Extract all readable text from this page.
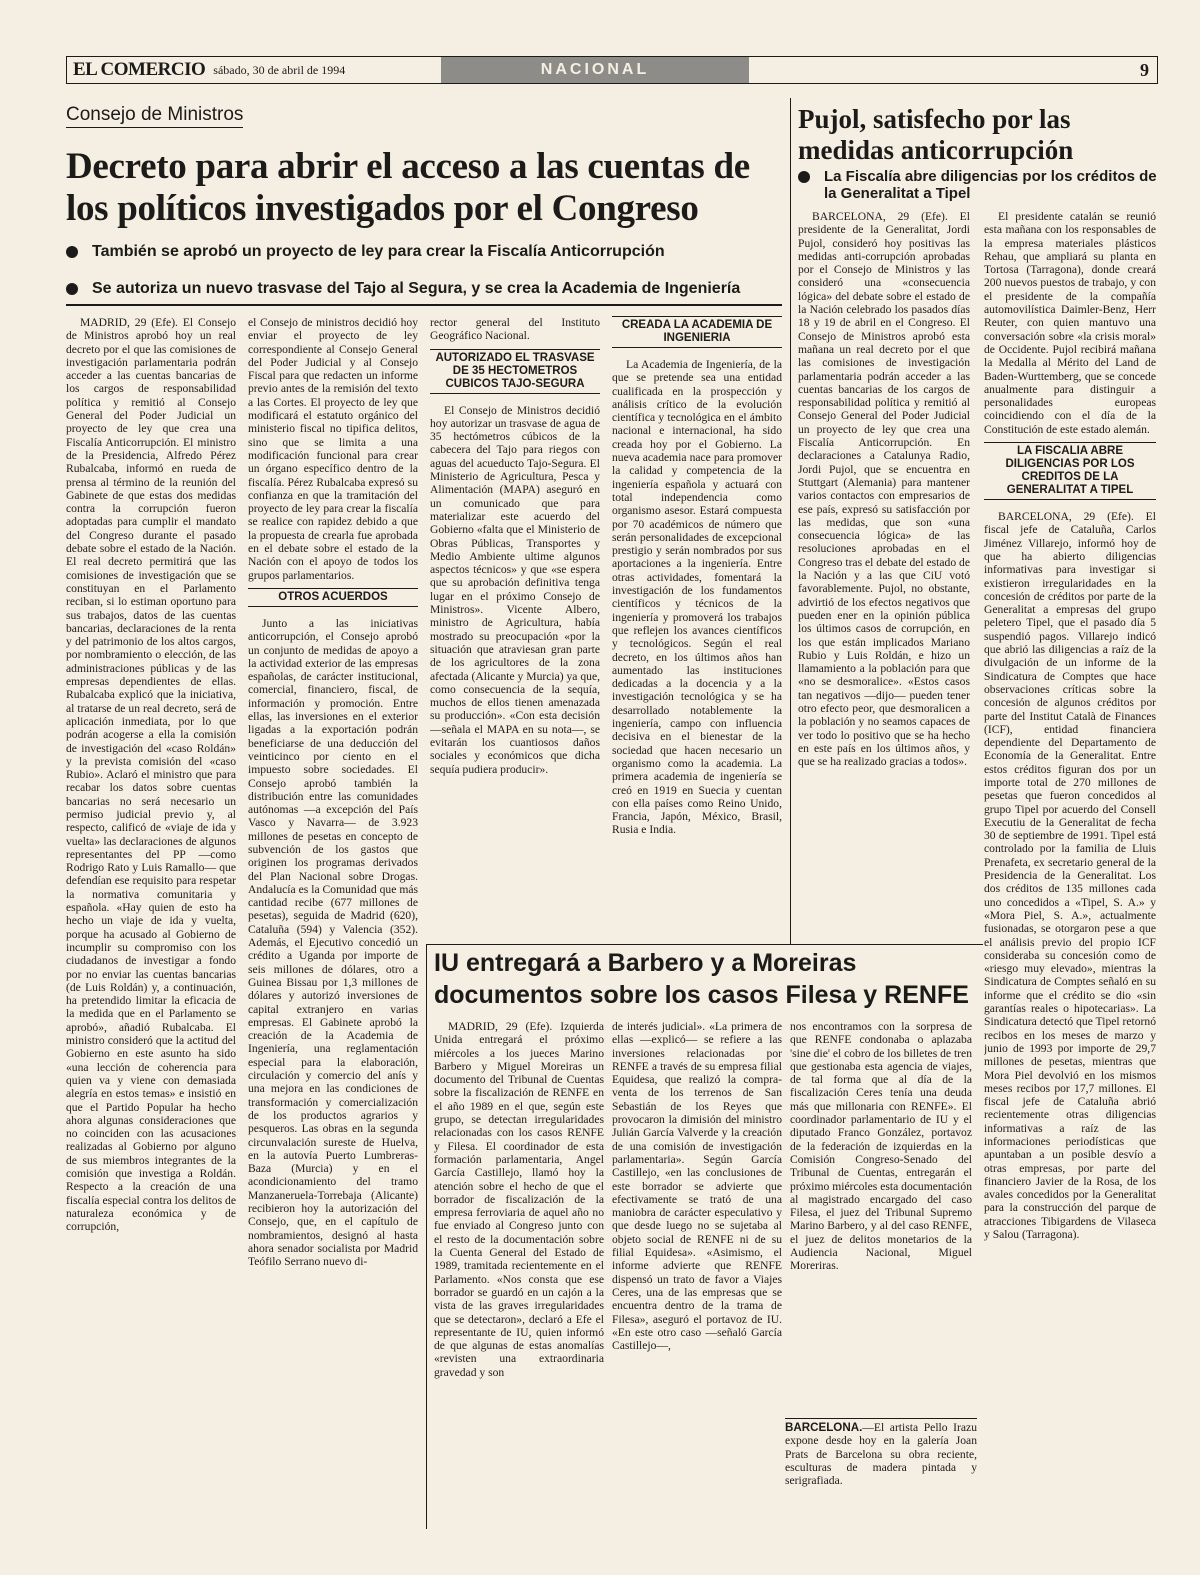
EL COMERCIO sábado, 30 de abril de 1994	NACIONAL	9
Consejo de Ministros
Decreto para abrir el acceso a las cuentas de los políticos investigados por el Congreso
También se aprobó un proyecto de ley para crear la Fiscalía Anticorrupción
Se autoriza un nuevo trasvase del Tajo al Segura, y se crea la Academia de Ingeniería

MADRID, 29 (Efe). El Consejo de Ministros aprobó hoy un real decreto por el que las comisiones de investigación parlamentaria podrán acceder a las cuentas bancarias de los cargos de responsabilidad política y remitió al Consejo General del Poder Judicial un proyecto de ley que crea una Fiscalía Anticorrupción. El ministro de la Presidencia, Alfredo Pérez Rubalcaba, informó en rueda de prensa al término de la reunión del Gabinete de que estas dos medidas contra la corrupción fueron adoptadas para cumplir el mandato del Congreso durante el pasado debate sobre el estado de la Nación. El real decreto permitirá que las comisiones de investigación que se constituyan en el Parlamento reciban, si lo estiman oportuno para sus trabajos, datos de las cuentas bancarias, declaraciones de la renta y del patrimonio de los altos cargos, por nombramiento o elección, de las administraciones públicas y de las empresas dependientes de ellas. Rubalcaba explicó que la iniciativa, al tratarse de un real decreto, será de aplicación inmediata, por lo que podrán acogerse a ella la comisión de investigación del «caso Roldán» y la prevista comisión del «caso Rubio». Aclaró el ministro que para recabar los datos sobre cuentas bancarias no será necesario un permiso judicial previo y, al respecto, calificó de «viaje de ida y vuelta» las declaraciones de algunos representantes del PP —como Rodrigo Rato y Luis Ramallo— que defendían ese requisito para respetar la normativa comunitaria y española. «Hay quien de esto ha hecho un viaje de ida y vuelta, porque ha acusado al Gobierno de incumplir su compromiso con los ciudadanos de investigar a fondo por no enviar las cuentas bancarias (de Luis Roldán) y, a continuación, ha pretendido limitar la eficacia de la medida que en el Parlamento se aprobó», añadió Rubalcaba. El ministro consideró que la actitud del Gobierno en este asunto ha sido «una lección de coherencia para quien va y viene con demasiada alegría en estos temas» e insistió en que el Partido Popular ha hecho ahora algunas consideraciones que no coinciden con las acusaciones realizadas al Gobierno por alguno de sus miembros integrantes de la comisión que investiga a Roldán. Respecto a la creación de una fiscalía especial contra los delitos de naturaleza económica y de corrupción,

el Consejo de ministros decidió hoy enviar el proyecto de ley correspondiente al Consejo General del Poder Judicial y al Consejo Fiscal para que redacten un informe previo antes de la remisión del texto a las Cortes. El proyecto de ley que modificará el estatuto orgánico del ministerio fiscal no tipifica delitos, sino que se limita a una modificación funcional para crear un órgano específico dentro de la fiscalía. Pérez Rubalcaba expresó su confianza en que la tramitación del proyecto de ley para crear la fiscalía se realice con rapidez debido a que la propuesta de crearla fue aprobada en el debate sobre el estado de la Nación con el apoyo de todos los grupos parlamentarios.

OTROS ACUERDOS

Junto a las iniciativas anticorrupción, el Consejo aprobó un conjunto de medidas de apoyo a la actividad exterior de las empresas españolas, de carácter institucional, comercial, financiero, fiscal, de información y promoción. Entre ellas, las inversiones en el exterior ligadas a la exportación podrán beneficiarse de una deducción del veinticinco por ciento en el impuesto sobre sociedades. El Consejo aprobó también la distribución entre las comunidades autónomas —a excepción del País Vasco y Navarra— de 3.923 millones de pesetas en concepto de subvención de los gastos que originen los programas derivados del Plan Nacional sobre Drogas. Andalucía es la Comunidad que más cantidad recibe (677 millones de pesetas), seguida de Madrid (620), Cataluña (594) y Valencia (352). Además, el Ejecutivo concedió un crédito a Uganda por importe de seis millones de dólares, otro a Guinea Bissau por 1,3 millones de dólares y autorizó inversiones de capital extranjero en varias empresas. El Gabinete aprobó la creación de la Academia de Ingeniería, una reglamentación especial para la elaboración, circulación y comercio del anís y una mejora en las condiciones de transformación y comercialización de los productos agrarios y pesqueros. Las obras en la segunda circunvalación sureste de Huelva, en la autovía Puerto Lumbreras-Baza (Murcia) y en el acondicionamiento del tramo Manzaneruela-Torrebaja (Alicante) recibieron hoy la autorización del Consejo, que, en el capítulo de nombramientos, designó al hasta ahora senador socialista por Madrid Teófilo Serrano nuevo di-

rector general del Instituto Geográfico Nacional.

AUTORIZADO EL TRASVASE DE 35 HECTOMETROS CUBICOS TAJO-SEGURA

El Consejo de Ministros decidió hoy autorizar un trasvase de agua de 35 hectómetros cúbicos de la cabecera del Tajo para riegos con aguas del acueducto Tajo-Segura. El Ministerio de Agricultura, Pesca y Alimentación (MAPA) aseguró en un comunicado que para materializar este acuerdo del Gobierno «falta que el Ministerio de Obras Públicas, Transportes y Medio Ambiente ultime algunos aspectos técnicos» y que «se espera que su aprobación definitiva tenga lugar en el próximo Consejo de Ministros». Vicente Albero, ministro de Agricultura, había mostrado su preocupación «por la situación que atraviesan gran parte de los agricultores de la zona afectada (Alicante y Murcia) ya que, como consecuencia de la sequía, muchos de ellos tienen amenazada su producción». «Con esta decisión —señala el MAPA en su nota—, se evitarán los cuantiosos daños sociales y económicos que dicha sequía pudiera producir».

CREADA LA ACADEMIA DE INGENIERIA

La Academia de Ingeniería, de la que se pretende sea una entidad cualificada en la prospección y análisis crítico de la evolución científica y tecnológica en el ámbito nacional e internacional, ha sido creada hoy por el Gobierno. La nueva academia nace para promover la calidad y competencia de la ingeniería española y actuará con total independencia como organismo asesor. Estará compuesta por 70 académicos de número que serán personalidades de excepcional prestigio y serán nombrados por sus aportaciones a la ingeniería. Entre otras actividades, fomentará la investigación de los fundamentos científicos y técnicos de la ingeniería y promoverá los trabajos que reflejen los avances científicos y tecnológicos. Según el real decreto, en los últimos años han aumentado las instituciones dedicadas a la docencia y a la investigación tecnológica y se ha desarrollado notablemente la ingeniería, campo con influencia decisiva en el bienestar de la sociedad que hacen necesario un organismo como la academia. La primera academia de ingeniería se creó en 1919 en Suecia y cuentan con ella países como Reino Unido, Francia, Japón, México, Brasil, Rusia e India.

Pujol, satisfecho por las medidas anticorrupción
La Fiscalía abre diligencias por los créditos de la Generalitat a Tipel

BARCELONA, 29 (Efe). El presidente de la Generalitat, Jordi Pujol, consideró hoy positivas las medidas anti-corrupción aprobadas por el Consejo de Ministros y las consideró una «consecuencia lógica» del debate sobre el estado de la Nación celebrado los pasados días 18 y 19 de abril en el Congreso. El Consejo de Ministros aprobó esta mañana un real decreto por el que las comisiones de investigación parlamentaria podrán acceder a las cuentas bancarias de los cargos de responsabilidad política y remitió al Consejo General del Poder Judicial un proyecto de ley que crea una Fiscalía Anticorrupción. En declaraciones a Catalunya Radio, Jordi Pujol, que se encuentra en Stuttgart (Alemania) para mantener varios contactos con empresarios de ese país, expresó su satisfacción por las medidas, que son «una consecuencia lógica» de las resoluciones aprobadas en el Congreso tras el debate del estado de la Nación y a las que CiU votó favorablemente. Pujol, no obstante, advirtió de los efectos negativos que pueden ener en la opinión pública los últimos casos de corrupción, en los que están implicados Mariano Rubio y Luis Roldán, e hizo un llamamiento a la población para que «no se desmoralice». «Estos casos tan negativos —dijo— pueden tener otro efecto peor, que desmoralicen a la población y no seamos capaces de ver todo lo positivo que se ha hecho en este país en los últimos años, y que se ha realizado gracias a todos».

El presidente catalán se reunió esta mañana con los responsables de la empresa materiales plásticos Rehau, que ampliará su planta en Tortosa (Tarragona), donde creará 200 nuevos puestos de trabajo, y con el presidente de la compañía automovilística Daimler-Benz, Herr Reuter, con quien mantuvo una conversación sobre «la crisis moral» de Occidente. Pujol recibirá mañana la Medalla al Mérito del Land de Baden-Wurttemberg, que se concede anualmente para distinguir a personalidades europeas coincidiendo con el día de la Constitución de este estado alemán.

LA FISCALIA ABRE DILIGENCIAS POR LOS CREDITOS DE LA GENERALITAT A TIPEL

BARCELONA, 29 (Efe). El fiscal jefe de Cataluña, Carlos Jiménez Villarejo, informó hoy de que ha abierto diligencias informativas para investigar si existieron irregularidades en la concesión de créditos por parte de la Generalitat a empresas del grupo peletero Tipel, que el pasado día 5 suspendió pagos. Villarejo indicó que abrió las diligencias a raíz de la divulgación de un informe de la Sindicatura de Comptes que hace observaciones críticas sobre la concesión de algunos créditos por parte del Institut Català de Finances (ICF), entidad financiera dependiente del Departamento de Economía de la Generalitat. Entre estos créditos figuran dos por un importe total de 270 millones de pesetas que fueron concedidos al grupo Tipel por acuerdo del Consell Executiu de la Generalitat de fecha 30 de septiembre de 1991. Tipel está controlado por la familia de Lluis Prenafeta, ex secretario general de la Presidencia de la Generalitat. Los dos créditos de 135 millones cada uno concedidos a «Tipel, S. A.» y «Mora Piel, S. A.», actualmente fusionadas, se otorgaron pese a que el análisis previo del propio ICF consideraba su concesión como de «riesgo muy elevado», mientras la Sindicatura de Comptes señaló en su informe que el crédito se dio «sin garantías reales o hipotecarias». La Sindicatura detectó que Tipel retornó recibos en los meses de marzo y junio de 1993 por importe de 29,7 millones de pesetas, mientras que Mora Piel devolvió en los mismos meses recibos por 17,7 millones. El fiscal jefe de Cataluña abrió recientemente otras diligencias informativas a raíz de las informaciones periodísticas que apuntaban a un posible desvío a otras empresas, por parte del financiero Javier de la Rosa, de los avales concedidos por la Generalitat para la construcción del parque de atracciones Tibigardens de Vilaseca y Salou (Tarragona).

IU entregará a Barbero y a Moreiras documentos sobre los casos Filesa y RENFE

MADRID, 29 (Efe). Izquierda Unida entregará el próximo miércoles a los jueces Marino Barbero y Miguel Moreiras un documento del Tribunal de Cuentas sobre la fiscalización de RENFE en el año 1989 en el que, según este grupo, se detectan irregularidades relacionadas con los casos RENFE y Filesa. El coordinador de esta formación parlamentaria, Angel García Castillejo, llamó hoy la atención sobre el hecho de que el borrador de fiscalización de la empresa ferroviaria de aquel año no fue enviado al Congreso junto con el resto de la documentación sobre la Cuenta General del Estado de 1989, tramitada recientemente en el Parlamento. «Nos consta que ese borrador se guardó en un cajón a la vista de las graves irregularidades que se detectaron», declaró a Efe el representante de IU, quien informó de que algunas de estas anomalías «revisten una extraordinaria gravedad y son

de interés judicial». «La primera de ellas —explicó— se refiere a las inversiones relacionadas por RENFE a través de su empresa filial Equidesa, que realizó la compra-venta de los terrenos de San Sebastián de los Reyes que provocaron la dimisión del ministro Julián García Valverde y la creación de una comisión de investigación parlamentaria». Según García Castillejo, «en las conclusiones de este borrador se advierte que efectivamente se trató de una maniobra de carácter especulativo y que desde luego no se sujetaba al objeto social de RENFE ni de su filial Equidesa». «Asimismo, el informe advierte que RENFE dispensó un trato de favor a Viajes Ceres, una de las empresas que se encuentra dentro de la trama de Filesa», aseguró el portavoz de IU. «En este otro caso —señaló García Castillejo—,

nos encontramos con la sorpresa de que RENFE condonaba o aplazaba 'sine die' el cobro de los billetes de tren que gestionaba esta agencia de viajes, de tal forma que al día de la fiscalización Ceres tenía una deuda más que millonaria con RENFE». El coordinador parlamentario de IU y el diputado Franco González, portavoz de la federación de izquierdas en la Comisión Congreso-Senado del Tribunal de Cuentas, entregarán el próximo miércoles esta documentación al magistrado encargado del caso Filesa, el juez del Tribunal Supremo Marino Barbero, y al del caso RENFE, el juez de delitos monetarios de la Audiencia Nacional, Miguel Moreriras.

BARCELONA.—El artista Pello Irazu expone desde hoy en la galería Joan Prats de Barcelona su obra reciente, esculturas de madera pintada y serigrafiada.
